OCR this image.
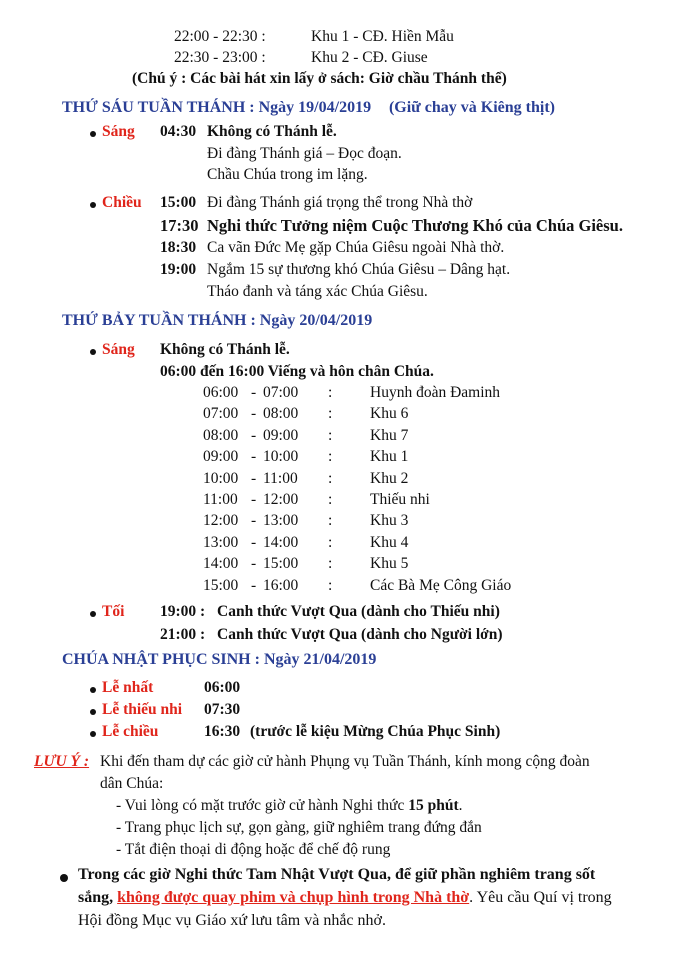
22:00 - 22:30 :	Khu 1 - CĐ. Hiền Mẫu
22:30 - 23:00 :	Khu 2 - CĐ. Giuse
(Chú ý : Các bài hát xin lấy ở sách: Giờ chầu Thánh thể)
THỨ SÁU TUẦN THÁNH : Ngày 19/04/2019 (Giữ chay và Kiêng thịt)
Sáng 04:30 Không có Thánh lễ.
Đi đàng Thánh giá – Đọc đoạn.
Chầu Chúa trong im lặng.
Chiều 15:00 Đi đàng Thánh giá trọng thể trong Nhà thờ
17:30 Nghi thức Tưởng niệm Cuộc Thương Khó của Chúa Giêsu.
18:30 Ca vãn Đức Mẹ gặp Chúa Giêsu ngoài Nhà thờ.
19:00 Ngắm 15 sự thương khó Chúa Giêsu – Dâng hạt.
Tháo đanh và táng xác Chúa Giêsu.
THỨ BẢY TUẦN THÁNH : Ngày 20/04/2019
Sáng Không có Thánh lễ.
06:00 đến 16:00 Viếng và hôn chân Chúa.
06:00 - 07:00 : Huynh đoàn Đaminh
07:00 - 08:00 : Khu 6
08:00 - 09:00 : Khu 7
09:00 - 10:00 : Khu 1
10:00 - 11:00 : Khu 2
11:00 - 12:00 : Thiếu nhi
12:00 - 13:00 : Khu 3
13:00 - 14:00 : Khu 4
14:00 - 15:00 : Khu 5
15:00 - 16:00 : Các Bà Mẹ Công Giáo
Tối 19:00 : Canh thức Vượt Qua (dành cho Thiếu nhi)
21:00 : Canh thức Vượt Qua (dành cho Người lớn)
CHÚA NHẬT PHỤC SINH : Ngày 21/04/2019
Lễ nhất	06:00
Lễ thiếu nhi 07:30
Lễ chiều	16:30 (trước lễ kiệu Mừng Chúa Phục Sinh)
LƯU Ý : Khi đến tham dự các giờ cử hành Phụng vụ Tuần Thánh, kính mong cộng đoàn
dân Chúa:
- Vui lòng có mặt trước giờ cử hành Nghi thức 15 phút.
- Trang phục lịch sự, gọn gàng, giữ nghiêm trang đứng đắn
- Tắt điện thoại di động hoặc để chế độ rung
Trong các giờ Nghi thức Tam Nhật Vượt Qua, để giữ phần nghiêm trang sốt
sắng, không được quay phim và chụp hình trong Nhà thờ. Yêu cầu Quí vị trong
Hội đồng Mục vụ Giáo xứ lưu tâm và nhắc nhở.
